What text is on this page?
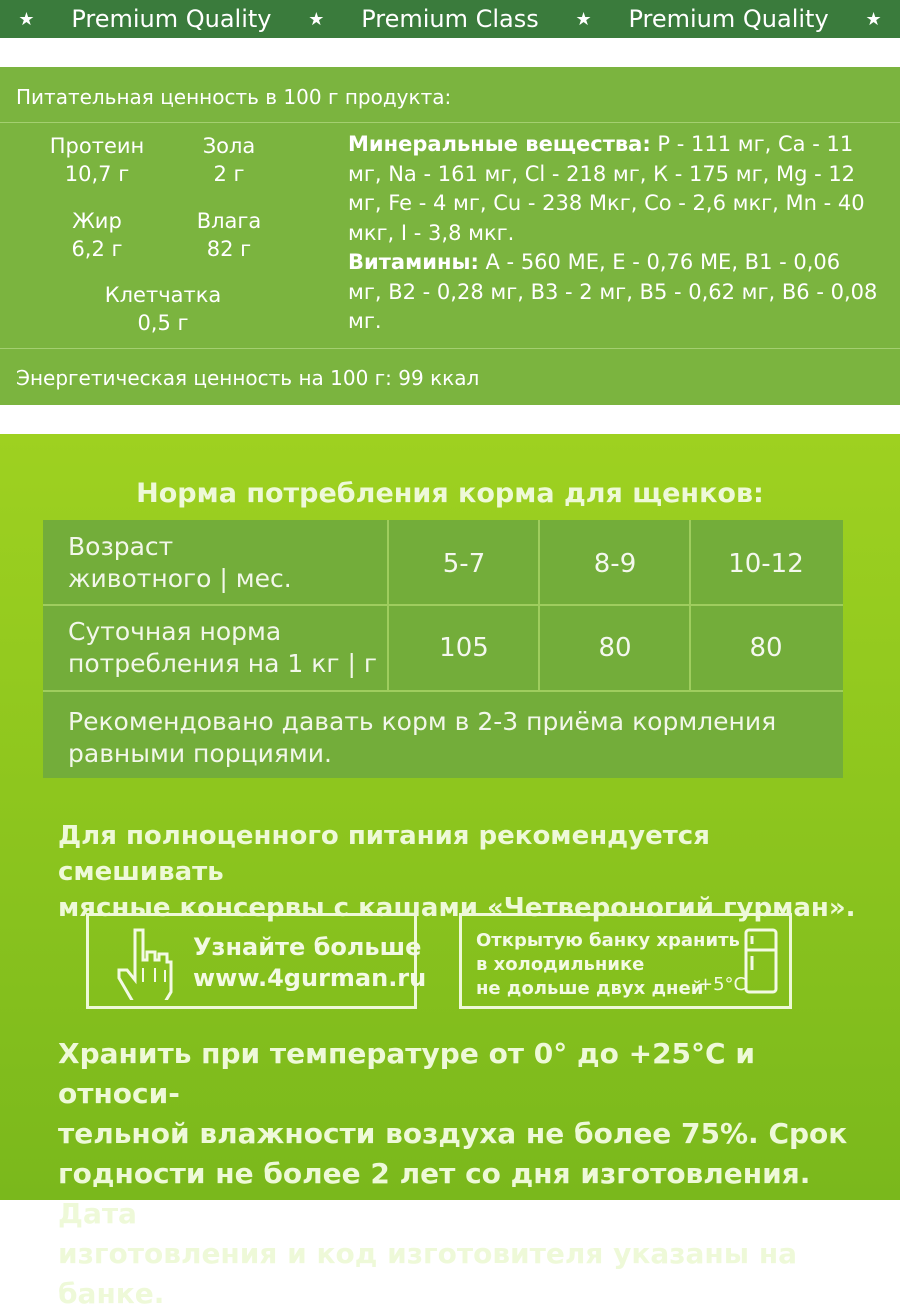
★ Premium Quality ★ Premium Class ★ Premium Quality ★
Питательная ценность в 100 г продукта:
Протеин
10,7 г
Зола
2 г
Жир
6,2 г
Влага
82 г
Клетчатка
0,5 г
Минеральные вещества: Р - 111 мг, Са - 11 мг, Na - 161 мг, Cl - 218 мг, К - 175 мг, Mg - 12 мг, Fe - 4 мг, Cu - 238 Мкг, Co - 2,6 мкг, Mn - 40 мкг, I - 3,8 мкг.
Витамины: А - 560 МЕ, Е - 0,76 МЕ, В1 - 0,06 мг, В2 - 0,28 мг, В3 - 2 мг, В5 - 0,62 мг, В6 - 0,08 мг.
Энергетическая ценность на 100 г: 99 ккал
Норма потребления корма для щенков:
Возраст
животного | мес.	5-7	8-9	10-12
Суточная норма
потребления на 1 кг | г
105	80	80
Рекомендовано давать корм в 2-3 приёма кормления
равными порциями.
Для полноценного питания рекомендуется смешивать
мясные консервы с кашами «Четвероногий гурман».
Узнайте больше
www.4gurman.ru
Открытую банку хранить
в холодильнике
не дольше двух дней
+5°C
Хранить при температуре от 0° до +25°С и относи-
тельной влажности воздуха не более 75%. Срок
годности не более 2 лет со дня изготовления. Дата
изготовления и код изготовителя указаны на банке.
